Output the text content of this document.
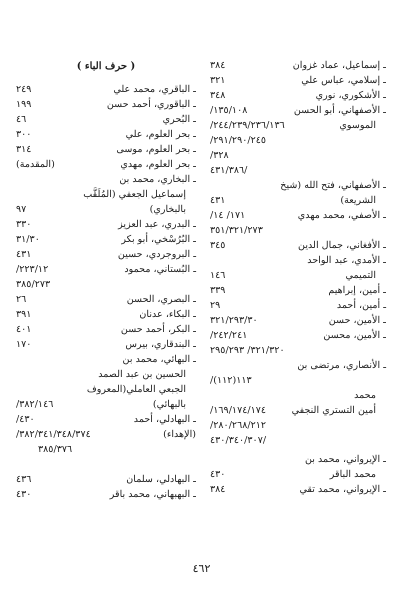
ـ إسماعيل، عماد غزوان
٣٨٤
ـ إسلامي، عباس علي
٣٢١
ـ الأشكوري، نوري
٣٤٨
ـ الأصفهاني، أبو الحسن
الموسوي
/١٣٥/١٠٨
/٢٤٤/٢٣٩/٢٣٦/١٣٦
/٢٩١/٢٩٠/٢٤٥
/٣٢٨
٤٣١/٣٨٦/
ـ الأصفهاني، فتح الله (شيخ
الشريعة)
٤٣١
ـ الأصفي، محمد مهدي
/١٧١/ ١٤
٣٥١/٣٢١/٢٧٣
ـ الأفغاني، جمال الدين
٣٤٥
ـ الأمدي، عبد الواحد
التميمي
١٤٦
ـ أمين، إبراهيم
٣٣٩
ـ أمين، أحمد
٢٩
ـ الأمين، حسن
٣٢١/٢٩٣/٣٠
ـ الأمين، محسن
/٢٤٢/٢٤١
٣٢١/٣٢٠/ ٢٩٥/٢٩٣
ـ الأنصاري، مرتضى بن
محمد
أمين التستري النجفي
/(١١٢)١١٣
/١٦٩/١٧٤/١٧٤
/٢٨٠/٢٦٨/٢١٢
٤٣٠/٣٤٠/٣٠٧/
ـ الإيرواني، محمد بن
محمد الباقر
٤٣٠
ـ الإيرواني، محمد تقي
٣٨٤
( حرف الباء )
ـ الباقري، محمد علي
٢٤٩
ـ الباقوري، أحمد حسن
١٩٩
ـ البُحري
٤٦
ـ بحر العلوم، علي
٣٠٠
ـ بحر العلوم، موسى
٣١٤
ـ بحر العلوم، مهدي
(المقدمة)
ـ البخاري، محمد بن
إسماعيل الجعفي (المُلَقَّب
بالبخاري)
٩٧
ـ البدري، عبد العزيز
٣٣٠
ـ البُرُسْخي، أبو بكر
٣١/٣٠
ـ البروجردي، حسين
٤٣١
ـ البُستاني، محمود
/٢٢٣/١٢
٣٨٥/٢٧٣
ـ البصري، الحسن
٢٦
ـ البكاء، عدنان
٣٩١
ـ البكر، أحمد حسن
٤٠١
ـ البندقاري، بيرس
١٧٠
ـ البهائي، محمد بن
الحسين بن عبد الصمد
الجبعي العاملي(المعروف
بالبهائي)
/٣٨٢/١٤٦
/٤٣٠	ـ البهادلي، أحمد
/٣٨٢/٣٤١/٣٤٨/٣٧٤
٣٨٥/٣٧٦
(الإهداء)
ـ البهادلي، سلمان
٤٣٦
ـ البهبهاني، محمد باقر
٤٣٠
٤٦٢
